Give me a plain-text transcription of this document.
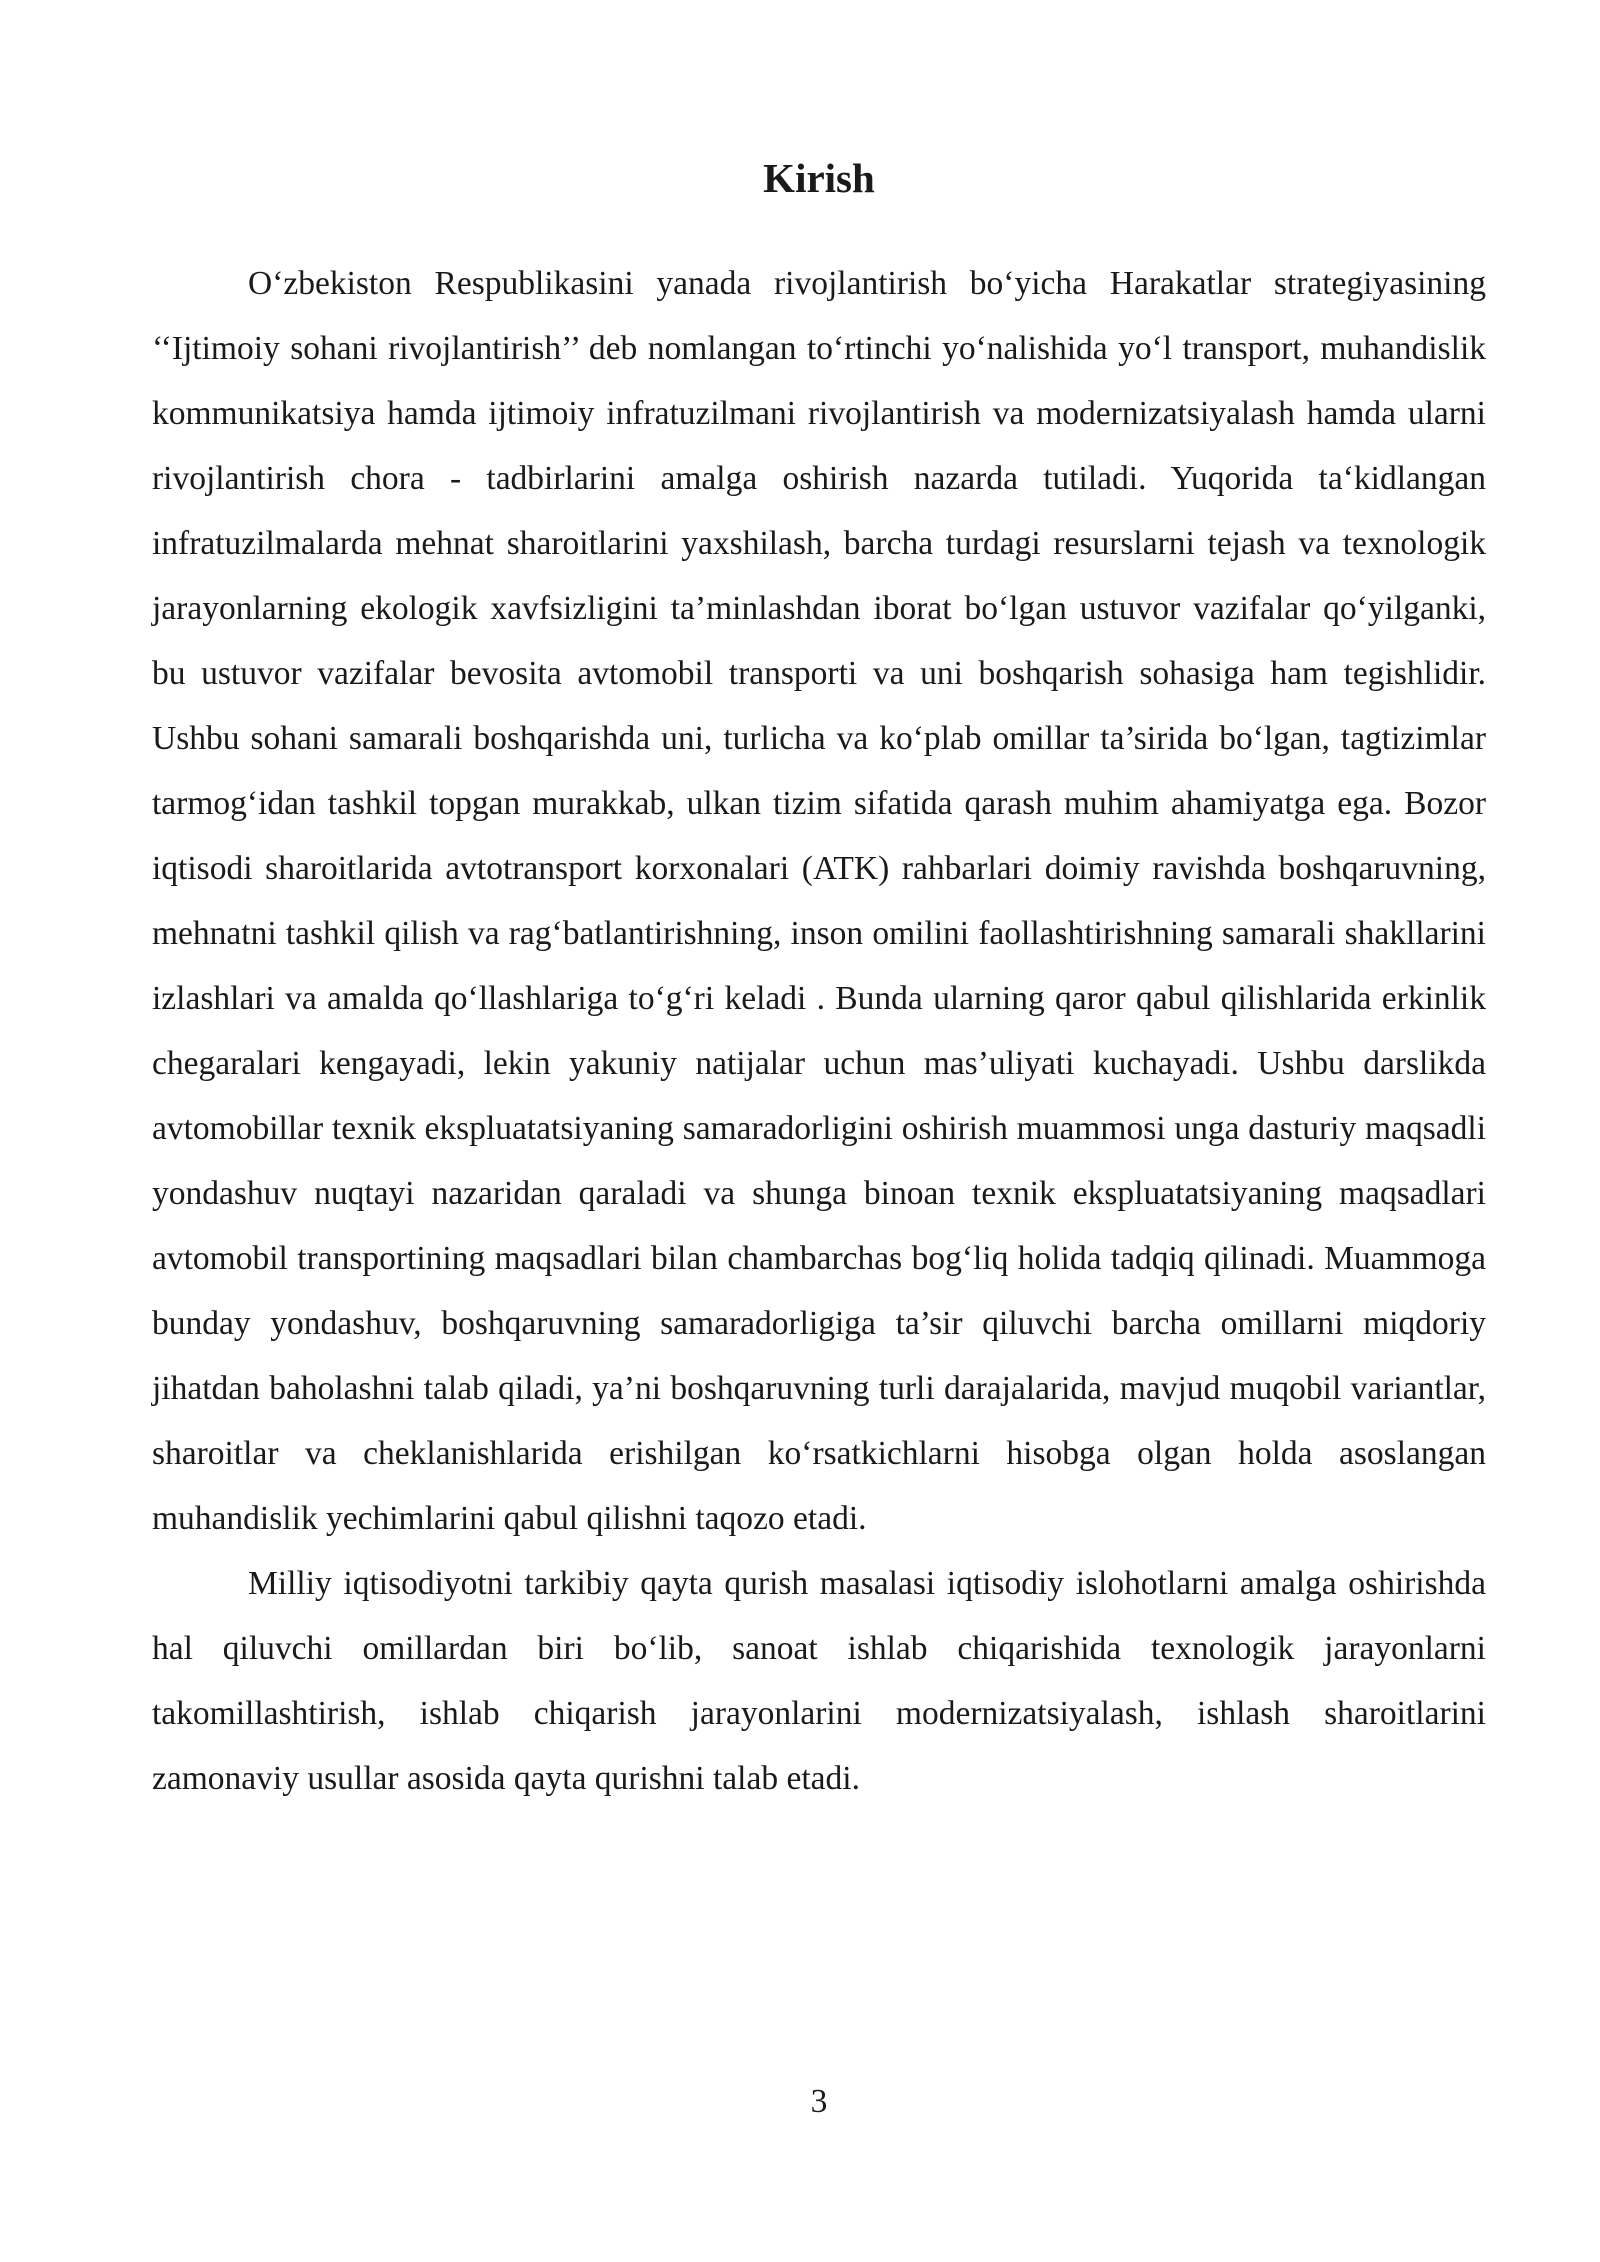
Kirish

O‘zbekiston Respublikasini yanada rivojlantirish bo‘yicha Harakatlar strategiyasining ‘‘Ijtimoiy sohani rivojlantirish’’ deb nomlangan to‘rtinchi yo‘nalishida yo‘l transport, muhandislik kommunikatsiya hamda ijtimoiy infratuzilmani rivojlantirish va modernizatsiyalash hamda ularni rivojlantirish chora - tadbirlarini amalga oshirish nazarda tutiladi. Yuqorida ta‘kidlangan infratuzilmalarda mehnat sharoitlarini yaxshilash, barcha turdagi resurslarni tejash va texnologik jarayonlarning ekologik xavfsizligini ta’minlashdan iborat bo‘lgan ustuvor vazifalar qo‘yilganki, bu ustuvor vazifalar bevosita avtomobil transporti va uni boshqarish sohasiga ham tegishlidir. Ushbu sohani samarali boshqarishda uni, turlicha va ko‘plab omillar ta’sirida bo‘lgan, tagtizimlar tarmog‘idan tashkil topgan murakkab, ulkan tizim sifatida qarash muhim ahamiyatga ega. Bozor iqtisodi sharoitlarida avtotransport korxonalari (ATK) rahbarlari doimiy ravishda boshqaruvning, mehnatni tashkil qilish va rag‘batlantirishning, inson omilini faollashtirishning samarali shakllarini izlashlari va amalda qo‘llashlariga to‘g‘ri keladi . Bunda ularning qaror qabul qilishlarida erkinlik chegaralari kengayadi, lekin yakuniy natijalar uchun mas’uliyati kuchayadi. Ushbu darslikda avtomobillar texnik ekspluatatsiyaning samaradorligini oshirish muammosi unga dasturiy maqsadli yondashuv nuqtayi nazaridan qaraladi va shunga binoan texnik ekspluatatsiyaning maqsadlari avtomobil transportining maqsadlari bilan chambarchas bog‘liq holida tadqiq qilinadi. Muammoga bunday yondashuv, boshqaruvning samaradorligiga ta’sir qiluvchi barcha omillarni miqdoriy jihatdan baholashni talab qiladi, ya’ni boshqaruvning turli darajalarida, mavjud muqobil variantlar, sharoitlar va cheklanishlarida erishilgan ko‘rsatkichlarni hisobga olgan holda asoslangan muhandislik yechimlarini qabul qilishni taqozo etadi.

Milliy iqtisodiyotni tarkibiy qayta qurish masalasi iqtisodiy islohotlarni amalga oshirishda hal qiluvchi omillardan biri bo‘lib, sanoat ishlab chiqarishida texnologik jarayonlarni takomillashtirish, ishlab chiqarish jarayonlarini modernizatsiyalash, ishlash sharoitlarini zamonaviy usullar asosida qayta qurishni talab etadi.

3
